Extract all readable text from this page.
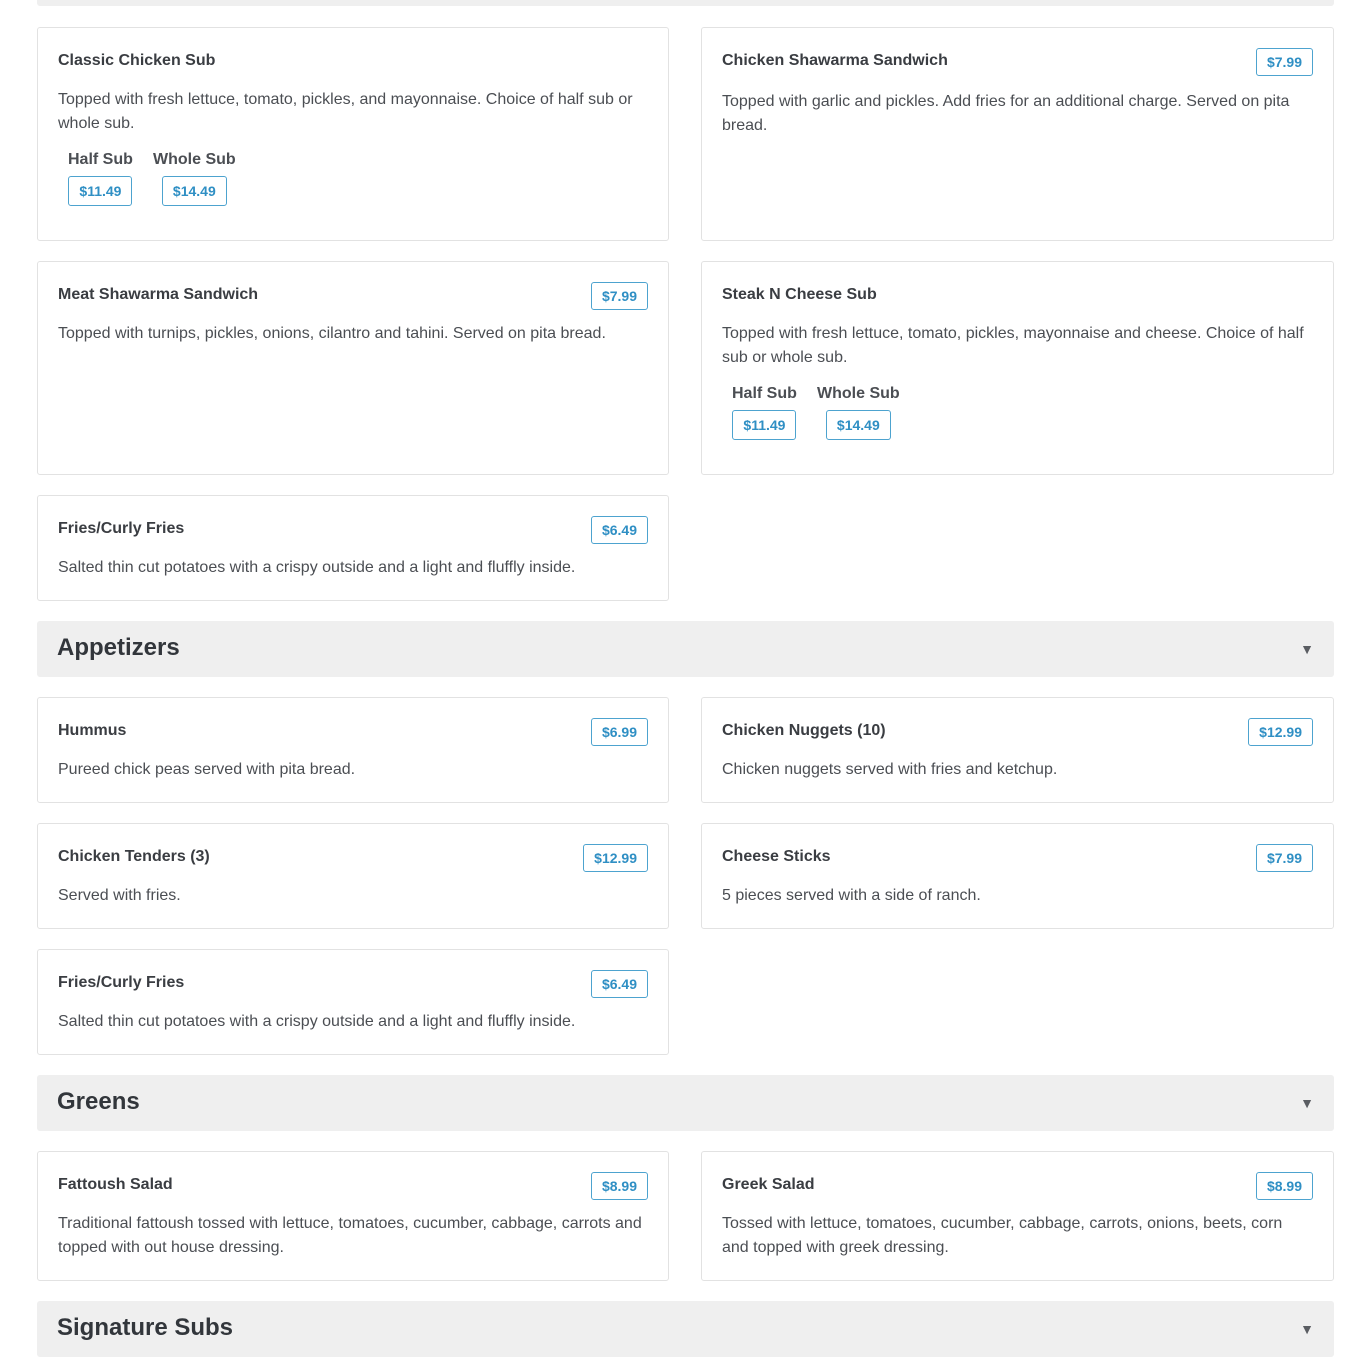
Classic Chicken Sub
Topped with fresh lettuce, tomato, pickles, and mayonnaise. Choice of half sub or whole sub.
Half Sub
$11.49
Whole Sub
$14.49
Chicken Shawarma Sandwich	$7.99
Topped with garlic and pickles. Add fries for an additional charge. Served on pita bread.
Meat Shawarma Sandwich	$7.99
Topped with turnips, pickles, onions, cilantro and tahini. Served on pita bread.
Steak N Cheese Sub
Topped with fresh lettuce, tomato, pickles, mayonnaise and cheese. Choice of half sub or whole sub.
Half Sub
$11.49
Whole Sub
$14.49
Fries/Curly Fries	$6.49
Salted thin cut potatoes with a crispy outside and a light and fluffly inside.
Appetizers	▼
Hummus	$6.99
Pureed chick peas served with pita bread.
Chicken Nuggets (10)	$12.99
Chicken nuggets served with fries and ketchup.
Chicken Tenders (3)	$12.99
Served with fries.
Cheese Sticks	$7.99
5 pieces served with a side of ranch.
Fries/Curly Fries	$6.49
Salted thin cut potatoes with a crispy outside and a light and fluffly inside.
Greens	▼
Fattoush Salad	$8.99
Traditional fattoush tossed with lettuce, tomatoes, cucumber, cabbage, carrots and topped with out house dressing.
Greek Salad	$8.99
Tossed with lettuce, tomatoes, cucumber, cabbage, carrots, onions, beets, corn and topped with greek dressing.
Signature Subs	▼
